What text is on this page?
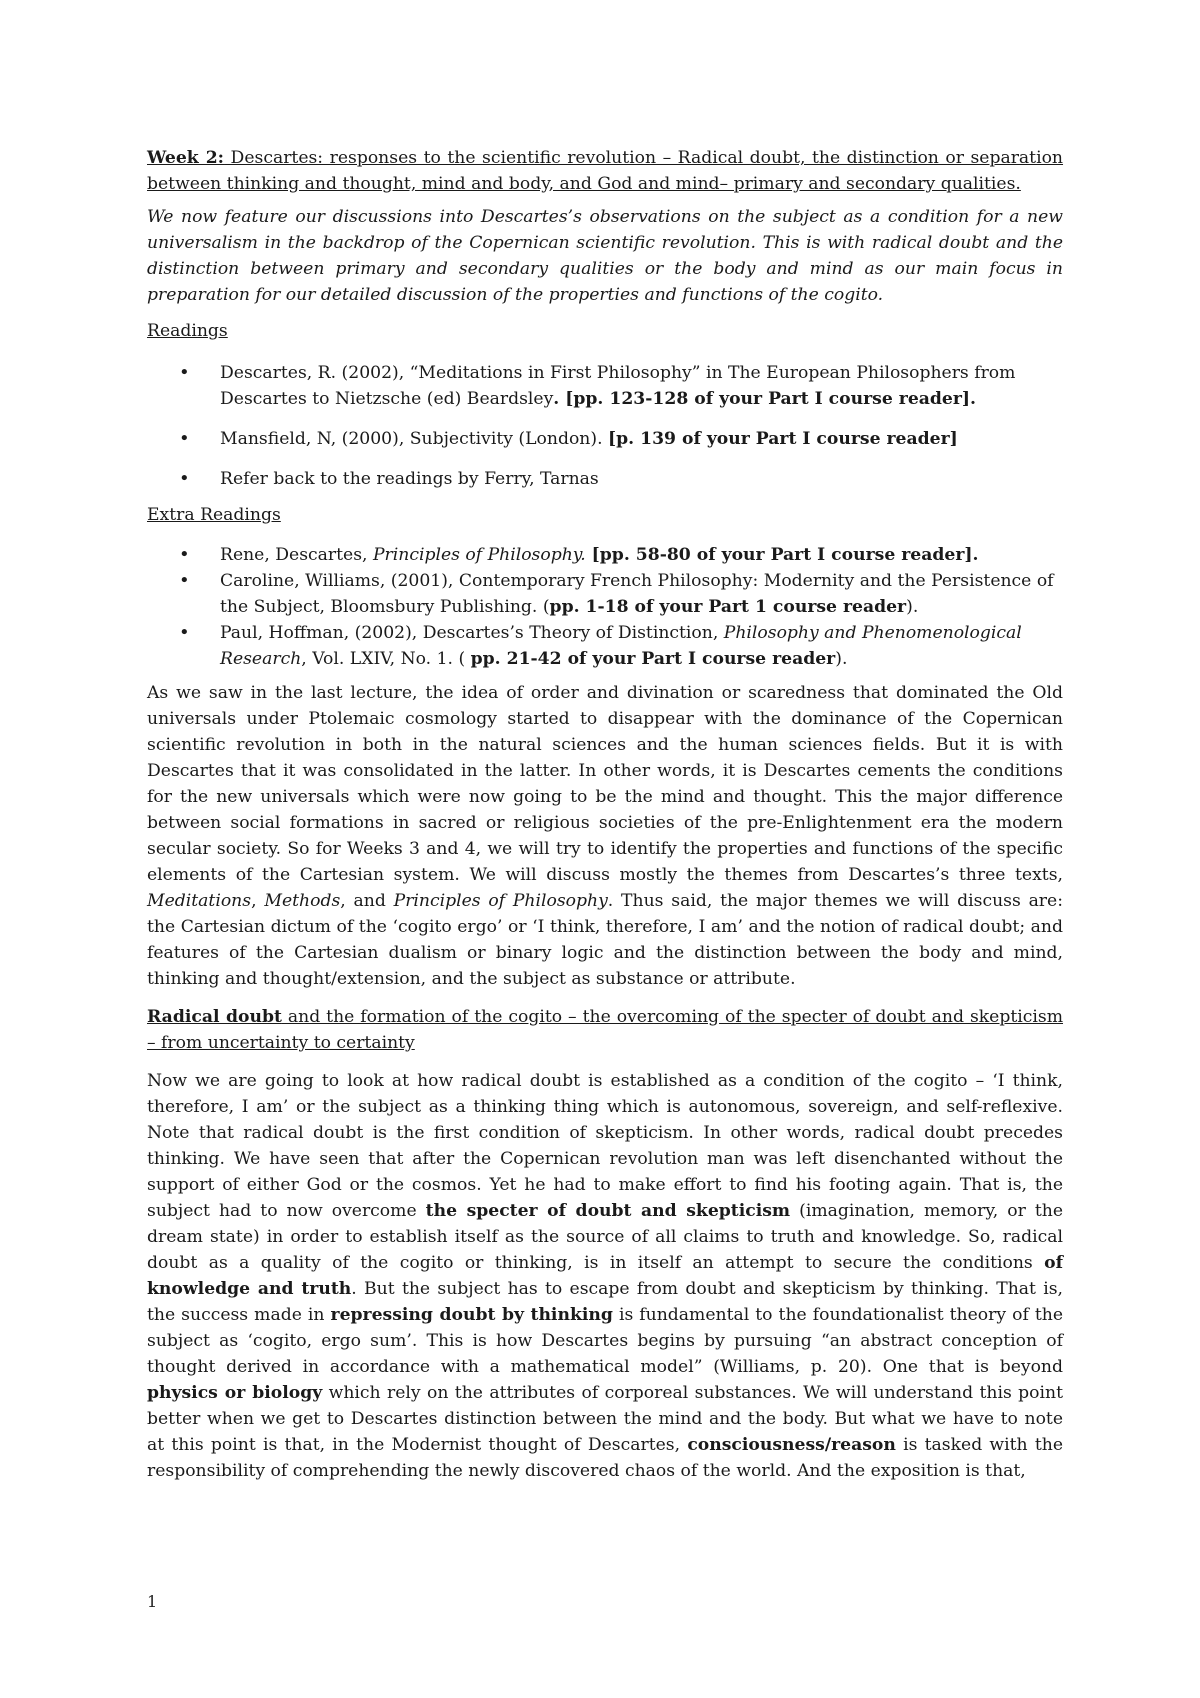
Week 2: Descartes: responses to the scientific revolution – Radical doubt, the distinction or separation between thinking and thought, mind and body, and God and mind– primary and secondary qualities.

We now feature our discussions into Descartes’s observations on the subject as a condition for a new universalism in the backdrop of the Copernican scientific revolution. This is with radical doubt and the distinction between primary and secondary qualities or the body and mind as our main focus in preparation for our detailed discussion of the properties and functions of the cogito.

Readings

• Descartes, R. (2002), “Meditations in First Philosophy” in The European Philosophers from Descartes to Nietzsche (ed) Beardsley. [pp. 123-128 of your Part I course reader].
• Mansfield, N, (2000), Subjectivity (London). [p. 139 of your Part I course reader]
• Refer back to the readings by Ferry, Tarnas

Extra Readings

• Rene, Descartes, Principles of Philosophy. [pp. 58-80 of your Part I course reader].
• Caroline, Williams, (2001), Contemporary French Philosophy: Modernity and the Persistence of the Subject, Bloomsbury Publishing. (pp. 1-18 of your Part 1 course reader).
• Paul, Hoffman, (2002), Descartes’s Theory of Distinction, Philosophy and Phenomenological Research, Vol. LXIV, No. 1. ( pp. 21-42 of your Part I course reader).

As we saw in the last lecture, the idea of order and divination or scaredness that dominated the Old universals under Ptolemaic cosmology started to disappear with the dominance of the Copernican scientific revolution in both in the natural sciences and the human sciences fields. But it is with Descartes that it was consolidated in the latter. In other words, it is Descartes cements the conditions for the new universals which were now going to be the mind and thought. This the major difference between social formations in sacred or religious societies of the pre-Enlightenment era the modern secular society. So for Weeks 3 and 4, we will try to identify the properties and functions of the specific elements of the Cartesian system. We will discuss mostly the themes from Descartes’s three texts, Meditations, Methods, and Principles of Philosophy. Thus said, the major themes we will discuss are: the Cartesian dictum of the ‘cogito ergo’ or ‘I think, therefore, I am’ and the notion of radical doubt; and features of the Cartesian dualism or binary logic and the distinction between the body and mind, thinking and thought/extension, and the subject as substance or attribute.

Radical doubt and the formation of the cogito – the overcoming of the specter of doubt and skepticism – from uncertainty to certainty

Now we are going to look at how radical doubt is established as a condition of the cogito – ‘I think, therefore, I am’ or the subject as a thinking thing which is autonomous, sovereign, and self-reflexive. Note that radical doubt is the first condition of skepticism. In other words, radical doubt precedes thinking. We have seen that after the Copernican revolution man was left disenchanted without the support of either God or the cosmos. Yet he had to make effort to find his footing again. That is, the subject had to now overcome the specter of doubt and skepticism (imagination, memory, or the dream state) in order to establish itself as the source of all claims to truth and knowledge. So, radical doubt as a quality of the cogito or thinking, is in itself an attempt to secure the conditions of knowledge and truth. But the subject has to escape from doubt and skepticism by thinking. That is, the success made in repressing doubt by thinking is fundamental to the foundationalist theory of the subject as ‘cogito, ergo sum’. This is how Descartes begins by pursuing “an abstract conception of thought derived in accordance with a mathematical model” (Williams, p. 20). One that is beyond physics or biology which rely on the attributes of corporeal substances. We will understand this point better when we get to Descartes distinction between the mind and the body. But what we have to note at this point is that, in the Modernist thought of Descartes, consciousness/reason is tasked with the responsibility of comprehending the newly discovered chaos of the world. And the exposition is that,

1
